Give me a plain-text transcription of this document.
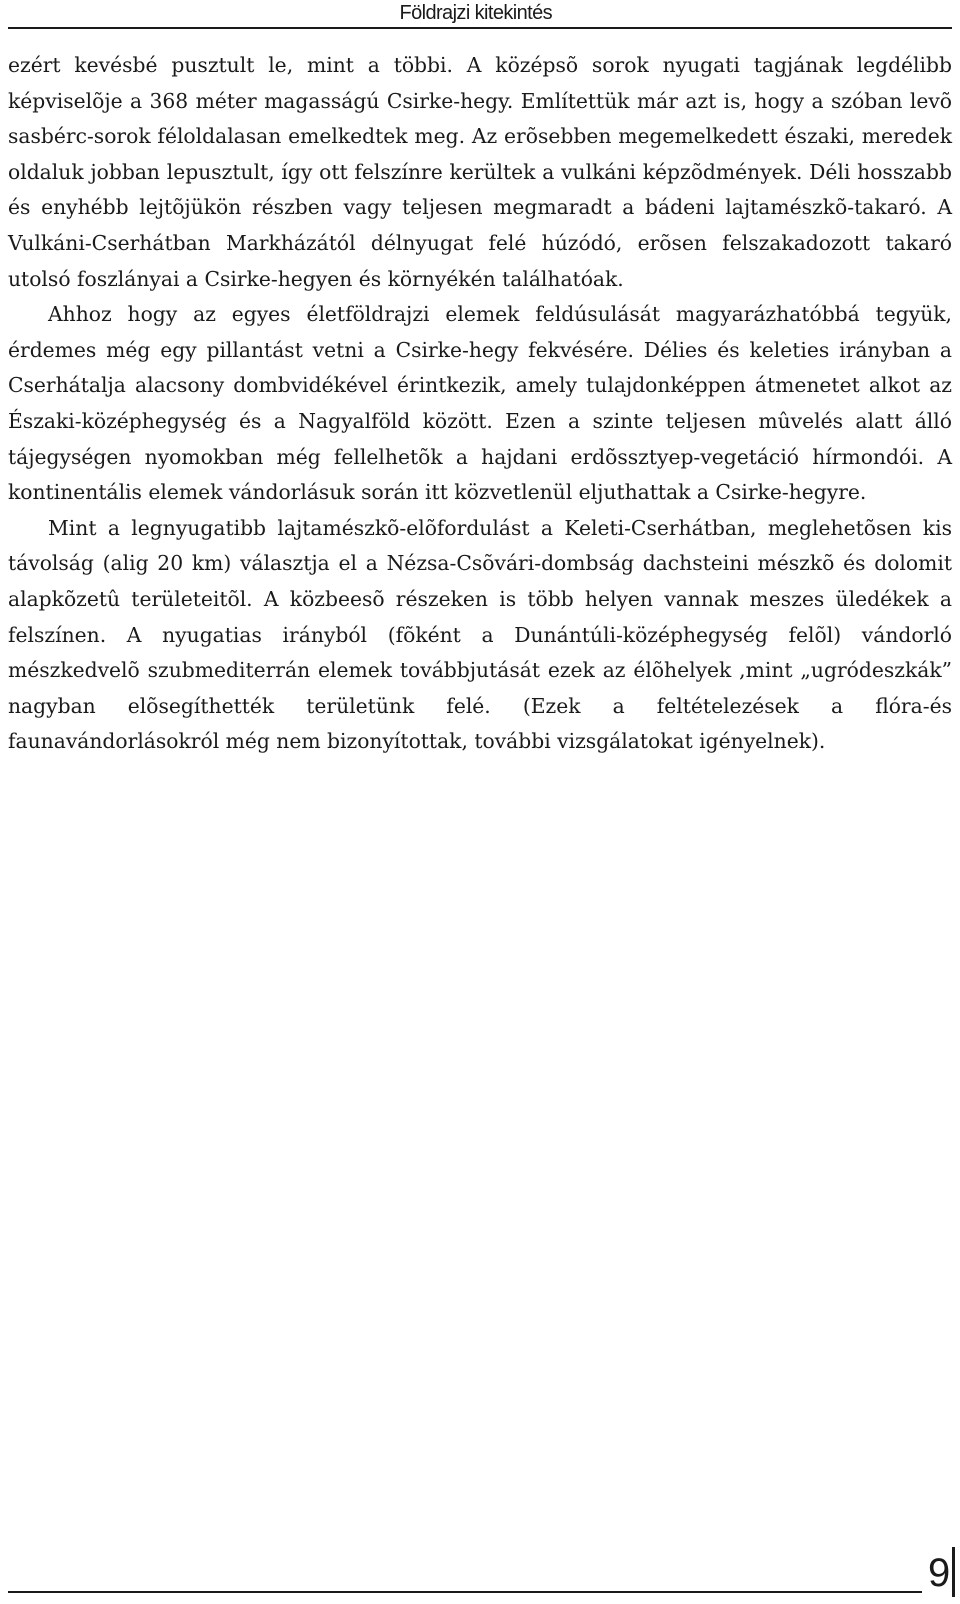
Földrajzi kitekintés

ezért kevésbé pusztult le, mint a többi. A középsõ sorok nyugati tagjának legdélibb képviselõje a 368 méter magasságú Csirke-hegy. Említettük már azt is, hogy a szóban levõ sasbérc-sorok féloldalasan emelkedtek meg. Az erõsebben megemelkedett északi, meredek oldaluk jobban lepusztult, így ott felszínre kerültek a vulkáni képzõdmények. Déli hosszabb és enyhébb lejtõjükön részben vagy teljesen megmaradt a bádeni lajtamészkõ-takaró. A Vulkáni-Cserhátban Markházától délnyugat felé húzódó, erõsen felszakadozott takaró utolsó foszlányai a Csirke-hegyen és környékén találhatóak.

Ahhoz hogy az egyes életföldrajzi elemek feldúsulását magyarázhatóbbá tegyük, érdemes még egy pillantást vetni a Csirke-hegy fekvésére. Délies és keleties irányban a Cserhátalja alacsony dombvidékével érintkezik, amely tulajdonképpen átmenetet alkot az Északi-középhegység és a Nagyalföld között. Ezen a szinte teljesen mûvelés alatt álló tájegységen nyomokban még fellelhetõk a hajdani erdõssztyep-vegetáció hírmondói. A kontinentális elemek vándorlásuk során itt közvetlenül eljuthattak a Csirke-hegyre.

Mint a legnyugatibb lajtamészkõ-elõfordulást a Keleti-Cserhátban, meglehetõsen kis távolság (alig 20 km) választja el a Nézsa-Csõvári-dombság dachsteini mészkõ és dolomit alapkõzetû területeitõl. A közbeesõ részeken is több helyen vannak meszes üledékek a felszínen. A nyugatias irányból (fõként a Dunántúli-középhegység felõl) vándorló mészkedvelõ szubmediterrán elemek továbbjutását ezek az élõhelyek ,mint „ugródeszkák” nagyban elõsegíthették területünk felé. (Ezek a feltételezések a flóra-és faunavándorlásokról még nem bizonyítottak, további vizsgálatokat igényelnek).

9
